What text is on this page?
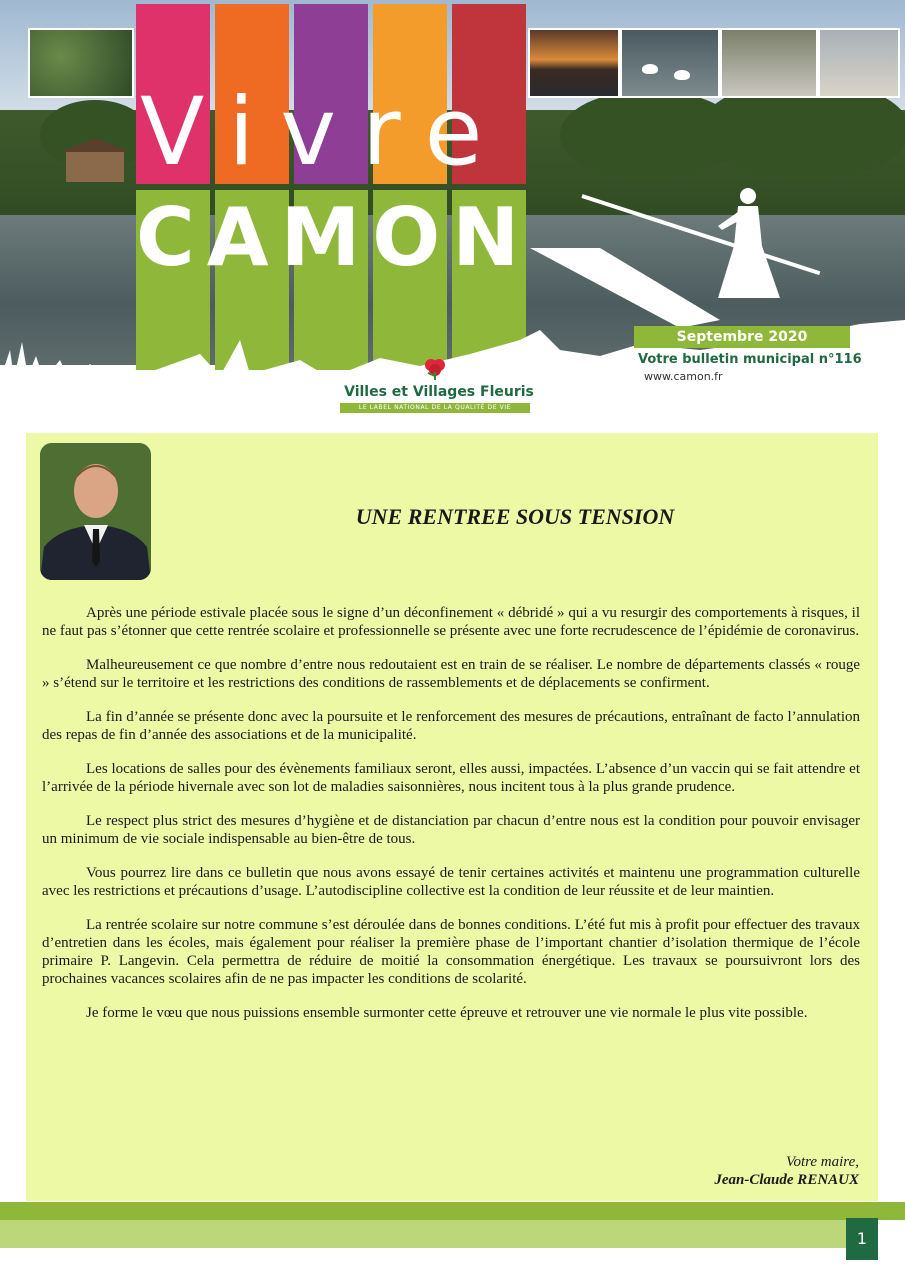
Vivre
CAMON
Septembre 2020
Votre bulletin municipal n°116
www.camon.fr
Villes et Villages Fleuris
LE LABEL NATIONAL DE LA QUALITÉ DE VIE
UNE RENTREE SOUS TENSION

Après une période estivale placée sous le signe d’un déconfinement « débridé » qui a vu resurgir des comportements à risques, il ne faut pas s’étonner que cette rentrée scolaire et professionnelle se présente avec une forte recrudescence de l’épidémie de coronavirus.

Malheureusement ce que nombre d’entre nous redoutaient est en train de se réaliser. Le nombre de départements classés « rouge » s’étend sur le territoire et les restrictions des conditions de rassemblements et de déplacements se confirment.

La fin d’année se présente donc avec la poursuite et le renforcement des mesures de précautions, entraînant de facto l’annulation des repas de fin d’année des associations et de la municipalité.

Les locations de salles pour des évènements familiaux seront, elles aussi, impactées. L’absence d’un vaccin qui se fait attendre et l’arrivée de la période hivernale avec son lot de maladies saisonnières, nous incitent tous à la plus grande prudence.

Le respect plus strict des mesures d’hygiène et de distanciation par chacun d’entre nous est la condition pour pouvoir envisager un minimum de vie sociale indispensable au bien-être de tous.

Vous pourrez lire dans ce bulletin que nous avons essayé de tenir certaines activités et maintenu une programmation culturelle avec les restrictions et précautions d’usage. L’autodiscipline collective est la condition de leur réussite et de leur maintien.

La rentrée scolaire sur notre commune s’est déroulée dans de bonnes conditions. L’été fut mis à profit pour effectuer des travaux d’entretien dans les écoles, mais également pour réaliser la première phase de l’important chantier d’isolation thermique de l’école primaire P. Langevin. Cela permettra de réduire de moitié la consommation énergétique. Les travaux se poursuivront lors des prochaines vacances scolaires afin de ne pas impacter les conditions de scolarité.

Je forme le vœu que nous puissions ensemble surmonter cette épreuve et retrouver une vie normale le plus vite possible.

Votre maire,
Jean-Claude RENAUX
1
